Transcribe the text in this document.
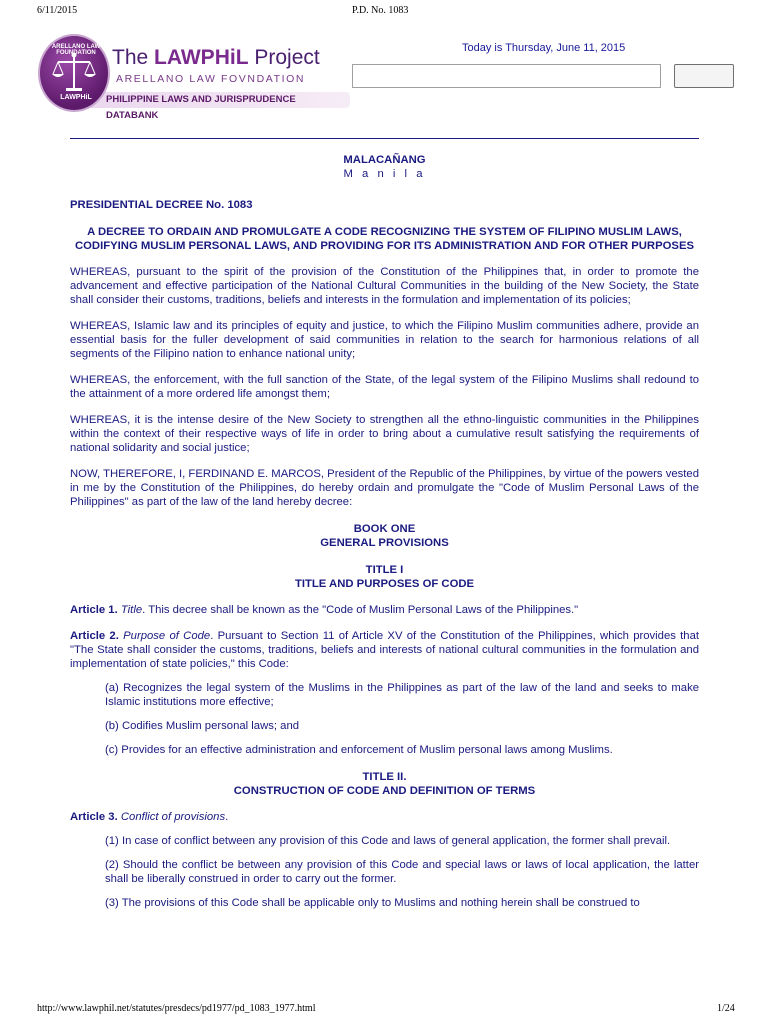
6/11/2015	P.D. No. 1083
PHILIPPINE LAWS AND JURISPRUDENCE DATABANK
ARELLANO LAW FOUNDATION
LAWPHiL
The LAWPHiL Project
ARELLANO LAW FOVNDATION
Today is Thursday, June 11, 2015
MALACAÑANG
M a n i l a
PRESIDENTIAL DECREE No. 1083
A DECREE TO ORDAIN AND PROMULGATE A CODE RECOGNIZING THE SYSTEM OF FILIPINO MUSLIM LAWS, CODIFYING MUSLIM PERSONAL LAWS, AND PROVIDING FOR ITS ADMINISTRATION AND FOR OTHER PURPOSES
WHEREAS, pursuant to the spirit of the provision of the Constitution of the Philippines that, in order to promote the advancement and effective participation of the National Cultural Communities in the building of the New Society, the State shall consider their customs, traditions, beliefs and interests in the formulation and implementation of its policies;
WHEREAS, Islamic law and its principles of equity and justice, to which the Filipino Muslim communities adhere, provide an essential basis for the fuller development of said communities in relation to the search for harmonious relations of all segments of the Filipino nation to enhance national unity;
WHEREAS, the enforcement, with the full sanction of the State, of the legal system of the Filipino Muslims shall redound to the attainment of a more ordered life amongst them;
WHEREAS, it is the intense desire of the New Society to strengthen all the ethno-linguistic communities in the Philippines within the context of their respective ways of life in order to bring about a cumulative result satisfying the requirements of national solidarity and social justice;
NOW, THEREFORE, I, FERDINAND E. MARCOS, President of the Republic of the Philippines, by virtue of the powers vested in me by the Constitution of the Philippines, do hereby ordain and promulgate the "Code of Muslim Personal Laws of the Philippines" as part of the law of the land hereby decree:
BOOK ONE
GENERAL PROVISIONS
TITLE I
TITLE AND PURPOSES OF CODE
Article 1. Title. This decree shall be known as the "Code of Muslim Personal Laws of the Philippines."
Article 2. Purpose of Code. Pursuant to Section 11 of Article XV of the Constitution of the Philippines, which provides that "The State shall consider the customs, traditions, beliefs and interests of national cultural communities in the formulation and implementation of state policies," this Code:
(a) Recognizes the legal system of the Muslims in the Philippines as part of the law of the land and seeks to make Islamic institutions more effective;
(b) Codifies Muslim personal laws; and
(c) Provides for an effective administration and enforcement of Muslim personal laws among Muslims.
TITLE II.
CONSTRUCTION OF CODE AND DEFINITION OF TERMS
Article 3. Conflict of provisions.
(1) In case of conflict between any provision of this Code and laws of general application, the former shall prevail.
(2) Should the conflict be between any provision of this Code and special laws or laws of local application, the latter shall be liberally construed in order to carry out the former.
(3) The provisions of this Code shall be applicable only to Muslims and nothing herein shall be construed to
http://www.lawphil.net/statutes/presdecs/pd1977/pd_1083_1977.html	1/24
